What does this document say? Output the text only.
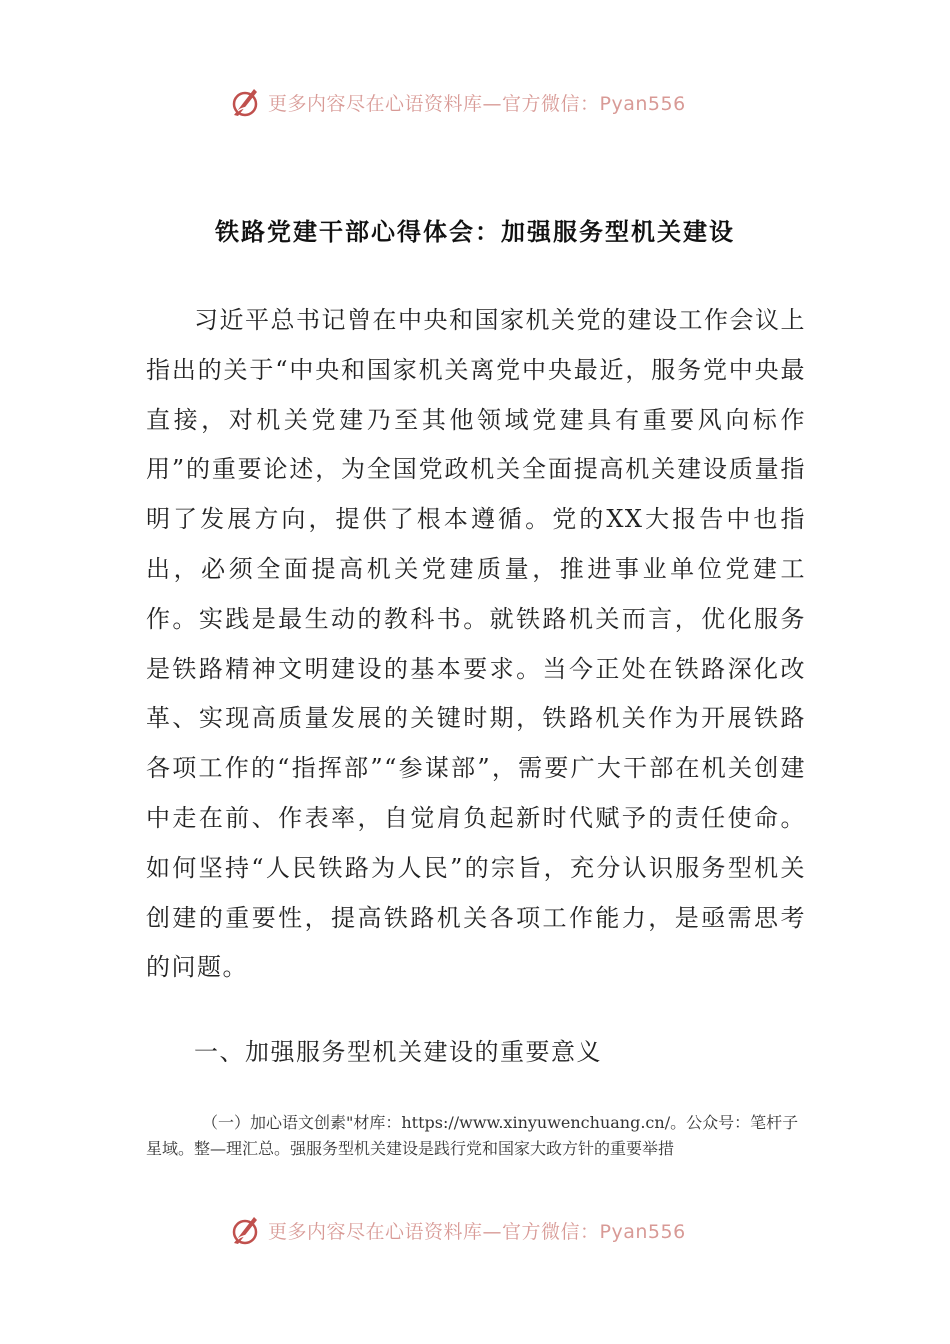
更多内容尽在心语资料库—官方微信：Pyan556
铁路党建干部心得体会：加强服务型机关建设

习近平总书记曾在中央和国家机关党的建设工作会议上指出的关于“中央和国家机关离党中央最近，服务党中央最直接，对机关党建乃至其他领域党建具有重要风向标作用”的重要论述，为全国党政机关全面提高机关建设质量指明了发展方向，提供了根本遵循。党的XX大报告中也指出，必须全面提高机关党建质量，推进事业单位党建工作。实践是最生动的教科书。就铁路机关而言，优化服务是铁路精神文明建设的基本要求。当今正处在铁路深化改革、实现高质量发展的关键时期，铁路机关作为开展铁路各项工作的“指挥部”“参谋部”，需要广大干部在机关创建中走在前、作表率，自觉肩负起新时代赋予的责任使命。如何坚持“人民铁路为人民”的宗旨，充分认识服务型机关创建的重要性，提高铁路机关各项工作能力，是亟需思考的问题。

一、加强服务型机关建设的重要意义

（一）加心语文创素"材库：https://www.xinyuwenchuang.cn/。公众号：笔杆子星域。整—理汇总。强服务型机关建设是践行党和国家大政方针的重要举措

更多内容尽在心语资料库—官方微信：Pyan556
